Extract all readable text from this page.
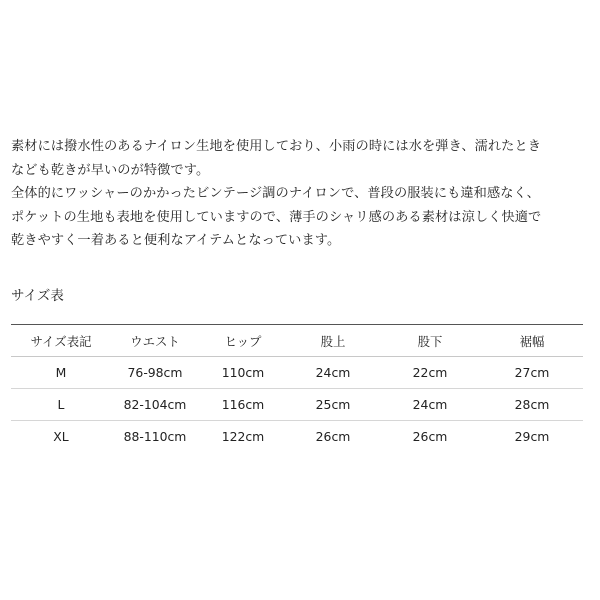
素材には撥水性のあるナイロン生地を使用しており、小雨の時には水を弾き、濡れたとき

なども乾きが早いのが特徴です。

全体的にワッシャーのかかったビンテージ調のナイロンで、普段の服装にも違和感なく、

ポケットの生地も表地を使用していますので、薄手のシャリ感のある素材は涼しく快適で

乾きやすく一着あると便利なアイテムとなっています。

サイズ表
サイズ表記	ウエスト	ヒップ	股上	股下	裾幅
M	76-98cm	110cm	24cm	22cm	27cm
L	82-104cm	116cm	25cm	24cm	28cm
XL	88-110cm	122cm	26cm	26cm	29cm
